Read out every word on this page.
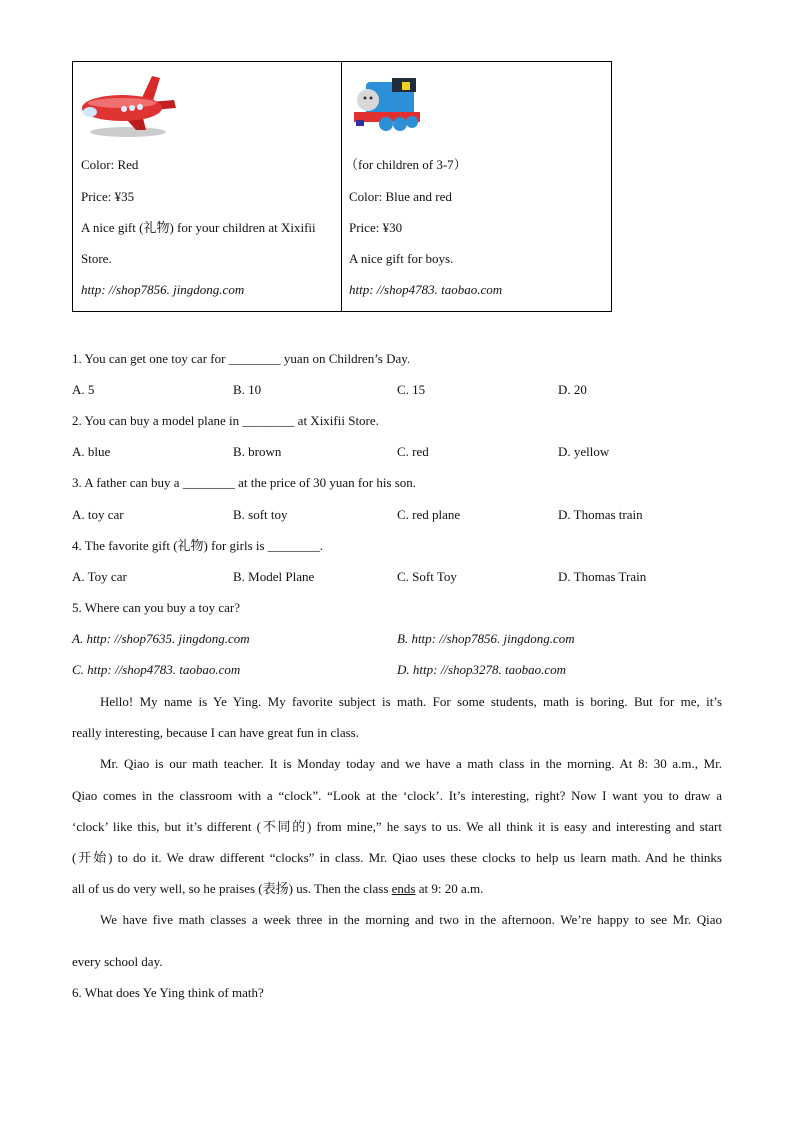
Color: Red
Price: ¥35
A nice gift (礼物) for your children at Xixifii
Store.
http: //shop7856. jingdong.com
（for children of 3-7）
Color: Blue and red
Price: ¥30
A nice gift for boys.
http: //shop4783. taobao.com
1. You can get one toy car for ________ yuan on Children’s Day.
A. 5	B. 10	C. 15	D. 20
2. You can buy a model plane in ________ at Xixifii Store.
A. blue	B. brown	C. red	D. yellow
3. A father can buy a ________ at the price of 30 yuan for his son.
A. toy car	B. soft toy	C. red plane	D. Thomas train
4. The favorite gift (礼物) for girls is ________.
A. Toy car	B. Model Plane	C. Soft Toy	D. Thomas Train
5. Where can you buy a toy car?
A. http: //shop7635. jingdong.com	B. http: //shop7856. jingdong.com
C. http: //shop4783. taobao.com	D. http: //shop3278. taobao.com
Hello! My name is Ye Ying. My favorite subject is math. For some students, math is boring. But for me, it’s
really interesting, because I can have great fun in class.
Mr. Qiao is our math teacher. It is Monday today and we have a math class in the morning. At 8: 30 a.m., Mr.
Qiao comes in the classroom with a “clock”. “Look at the ‘clock’. It’s interesting, right? Now I want you to draw a
‘clock’ like this, but it’s different (不同的) from mine,” he says to us. We all think it is easy and interesting and start
(开始) to do it. We draw different “clocks” in class. Mr. Qiao uses these clocks to help us learn math. And he thinks
all of us do very well, so he praises (表扬) us. Then the class ends at 9: 20 a.m.
We have five math classes a week three in the morning and two in the afternoon. We’re happy to see Mr. Qiao
every school day.
6. What does Ye Ying think of math?
